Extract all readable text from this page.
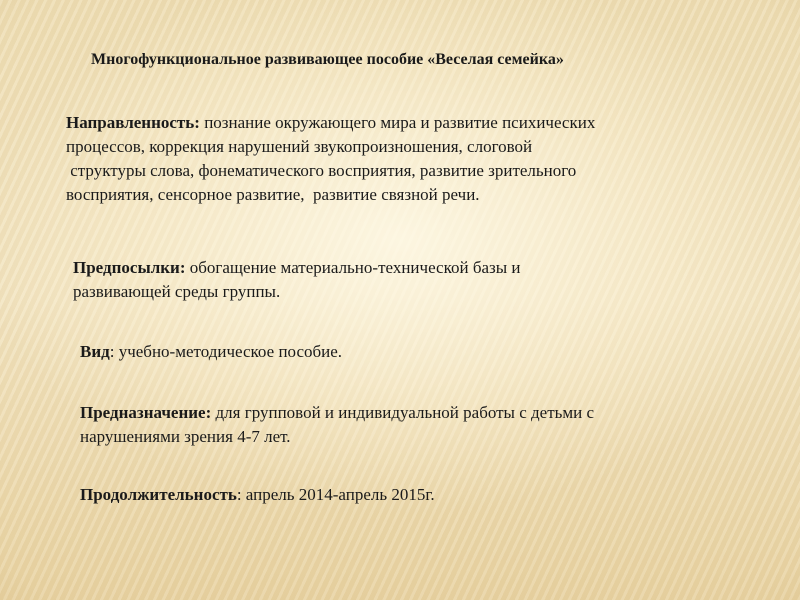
Многофункциональное развивающее пособие «Веселая семейка»
Направленность: познание окружающего мира и развитие психических
процессов, коррекция нарушений звукопроизношения, слоговой
структуры слова, фонематического восприятия, развитие зрительного
восприятия, сенсорное развитие,  развитие связной речи.
Предпосылки: обогащение материально-технической базы и
развивающей среды группы.
Вид: учебно-методическое пособие.
Предназначение: для групповой и индивидуальной работы с детьми с
нарушениями зрения 4-7 лет.
Продолжительность: апрель 2014-апрель 2015г.
